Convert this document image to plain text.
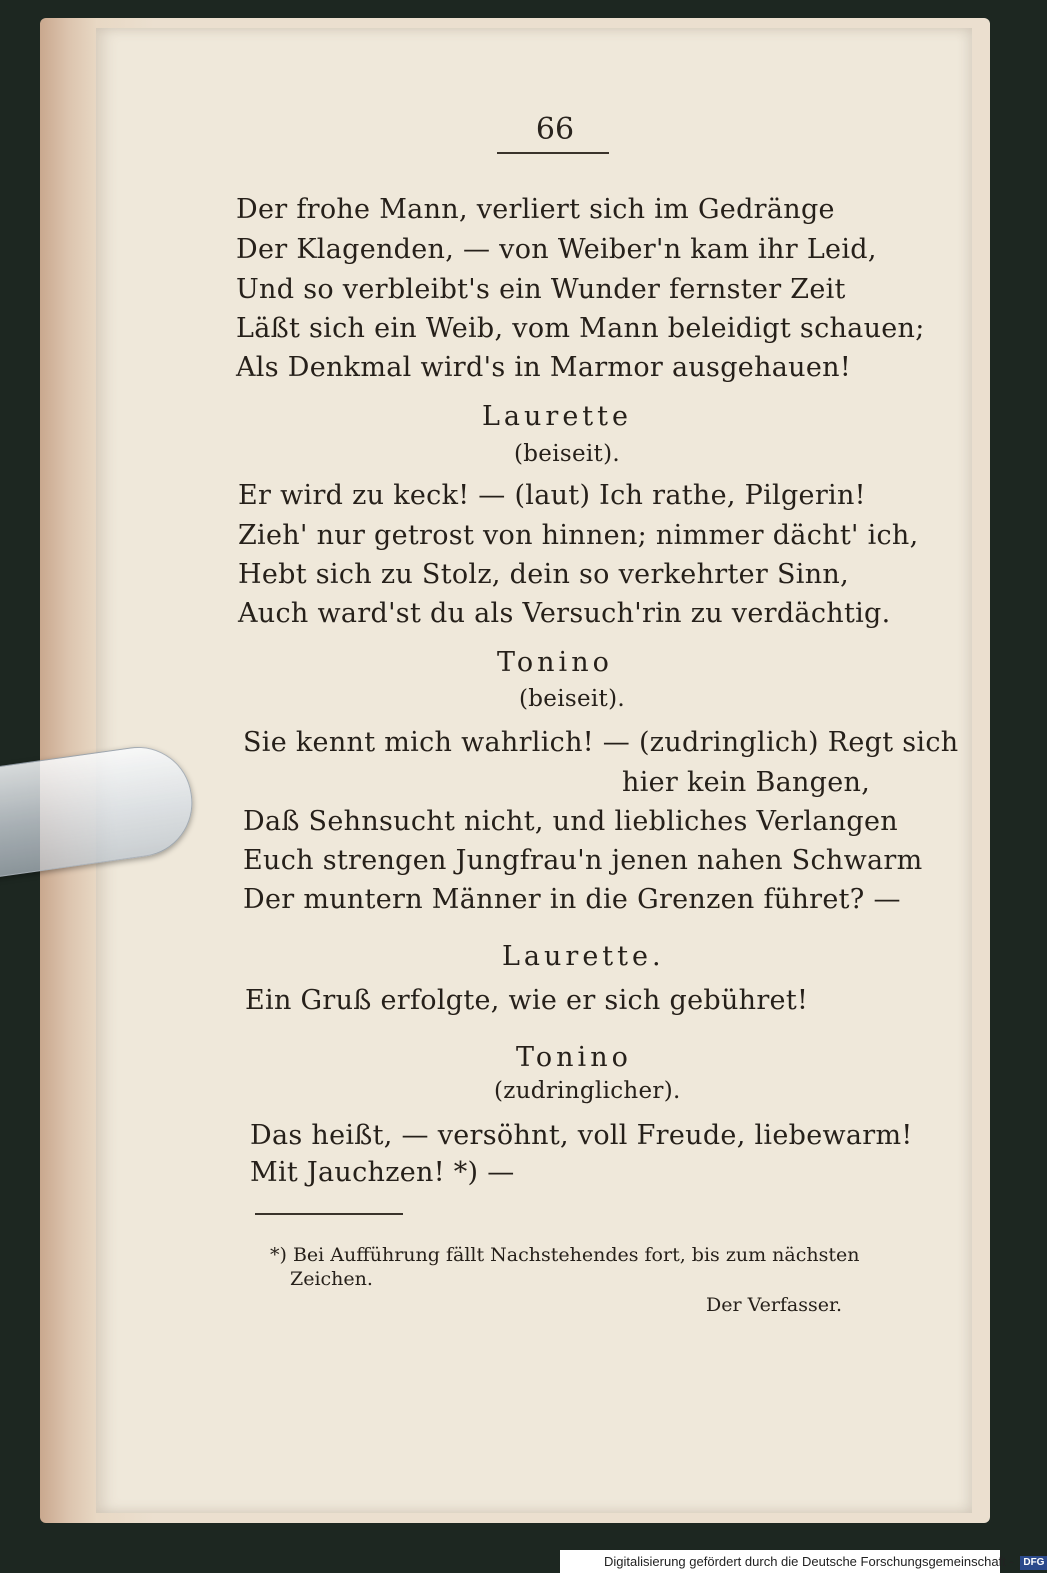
66
Der frohe Mann, verliert sich im Gedränge
Der Klagenden, — von Weiber'n kam ihr Leid,
Und so verbleibt's ein Wunder fernster Zeit
Läßt sich ein Weib, vom Mann beleidigt schauen;
Als Denkmal wird's in Marmor ausgehauen!
Laurette
(beiseit).
Er wird zu keck! — (laut) Ich rathe, Pilgerin!
Zieh' nur getrost von hinnen; nimmer dächt' ich,
Hebt sich zu Stolz, dein so verkehrter Sinn,
Auch ward'st du als Versuch'rin zu verdächtig.
Tonino
(beiseit).
Sie kennt mich wahrlich! — (zudringlich) Regt sich
hier kein Bangen,
Daß Sehnsucht nicht, und liebliches Verlangen
Euch strengen Jungfrau'n jenen nahen Schwarm
Der muntern Männer in die Grenzen führet? —
Laurette.
Ein Gruß erfolgte, wie er sich gebühret!
Tonino
(zudringlicher).
Das heißt, — versöhnt, voll Freude, liebewarm!
Mit Jauchzen! *) —
*) Bei Aufführung fällt Nachstehendes fort, bis zum nächsten
Zeichen.
Der Verfasser.
Digitalisierung gefördert durch die Deutsche Forschungsgemeinschaft - DFG
